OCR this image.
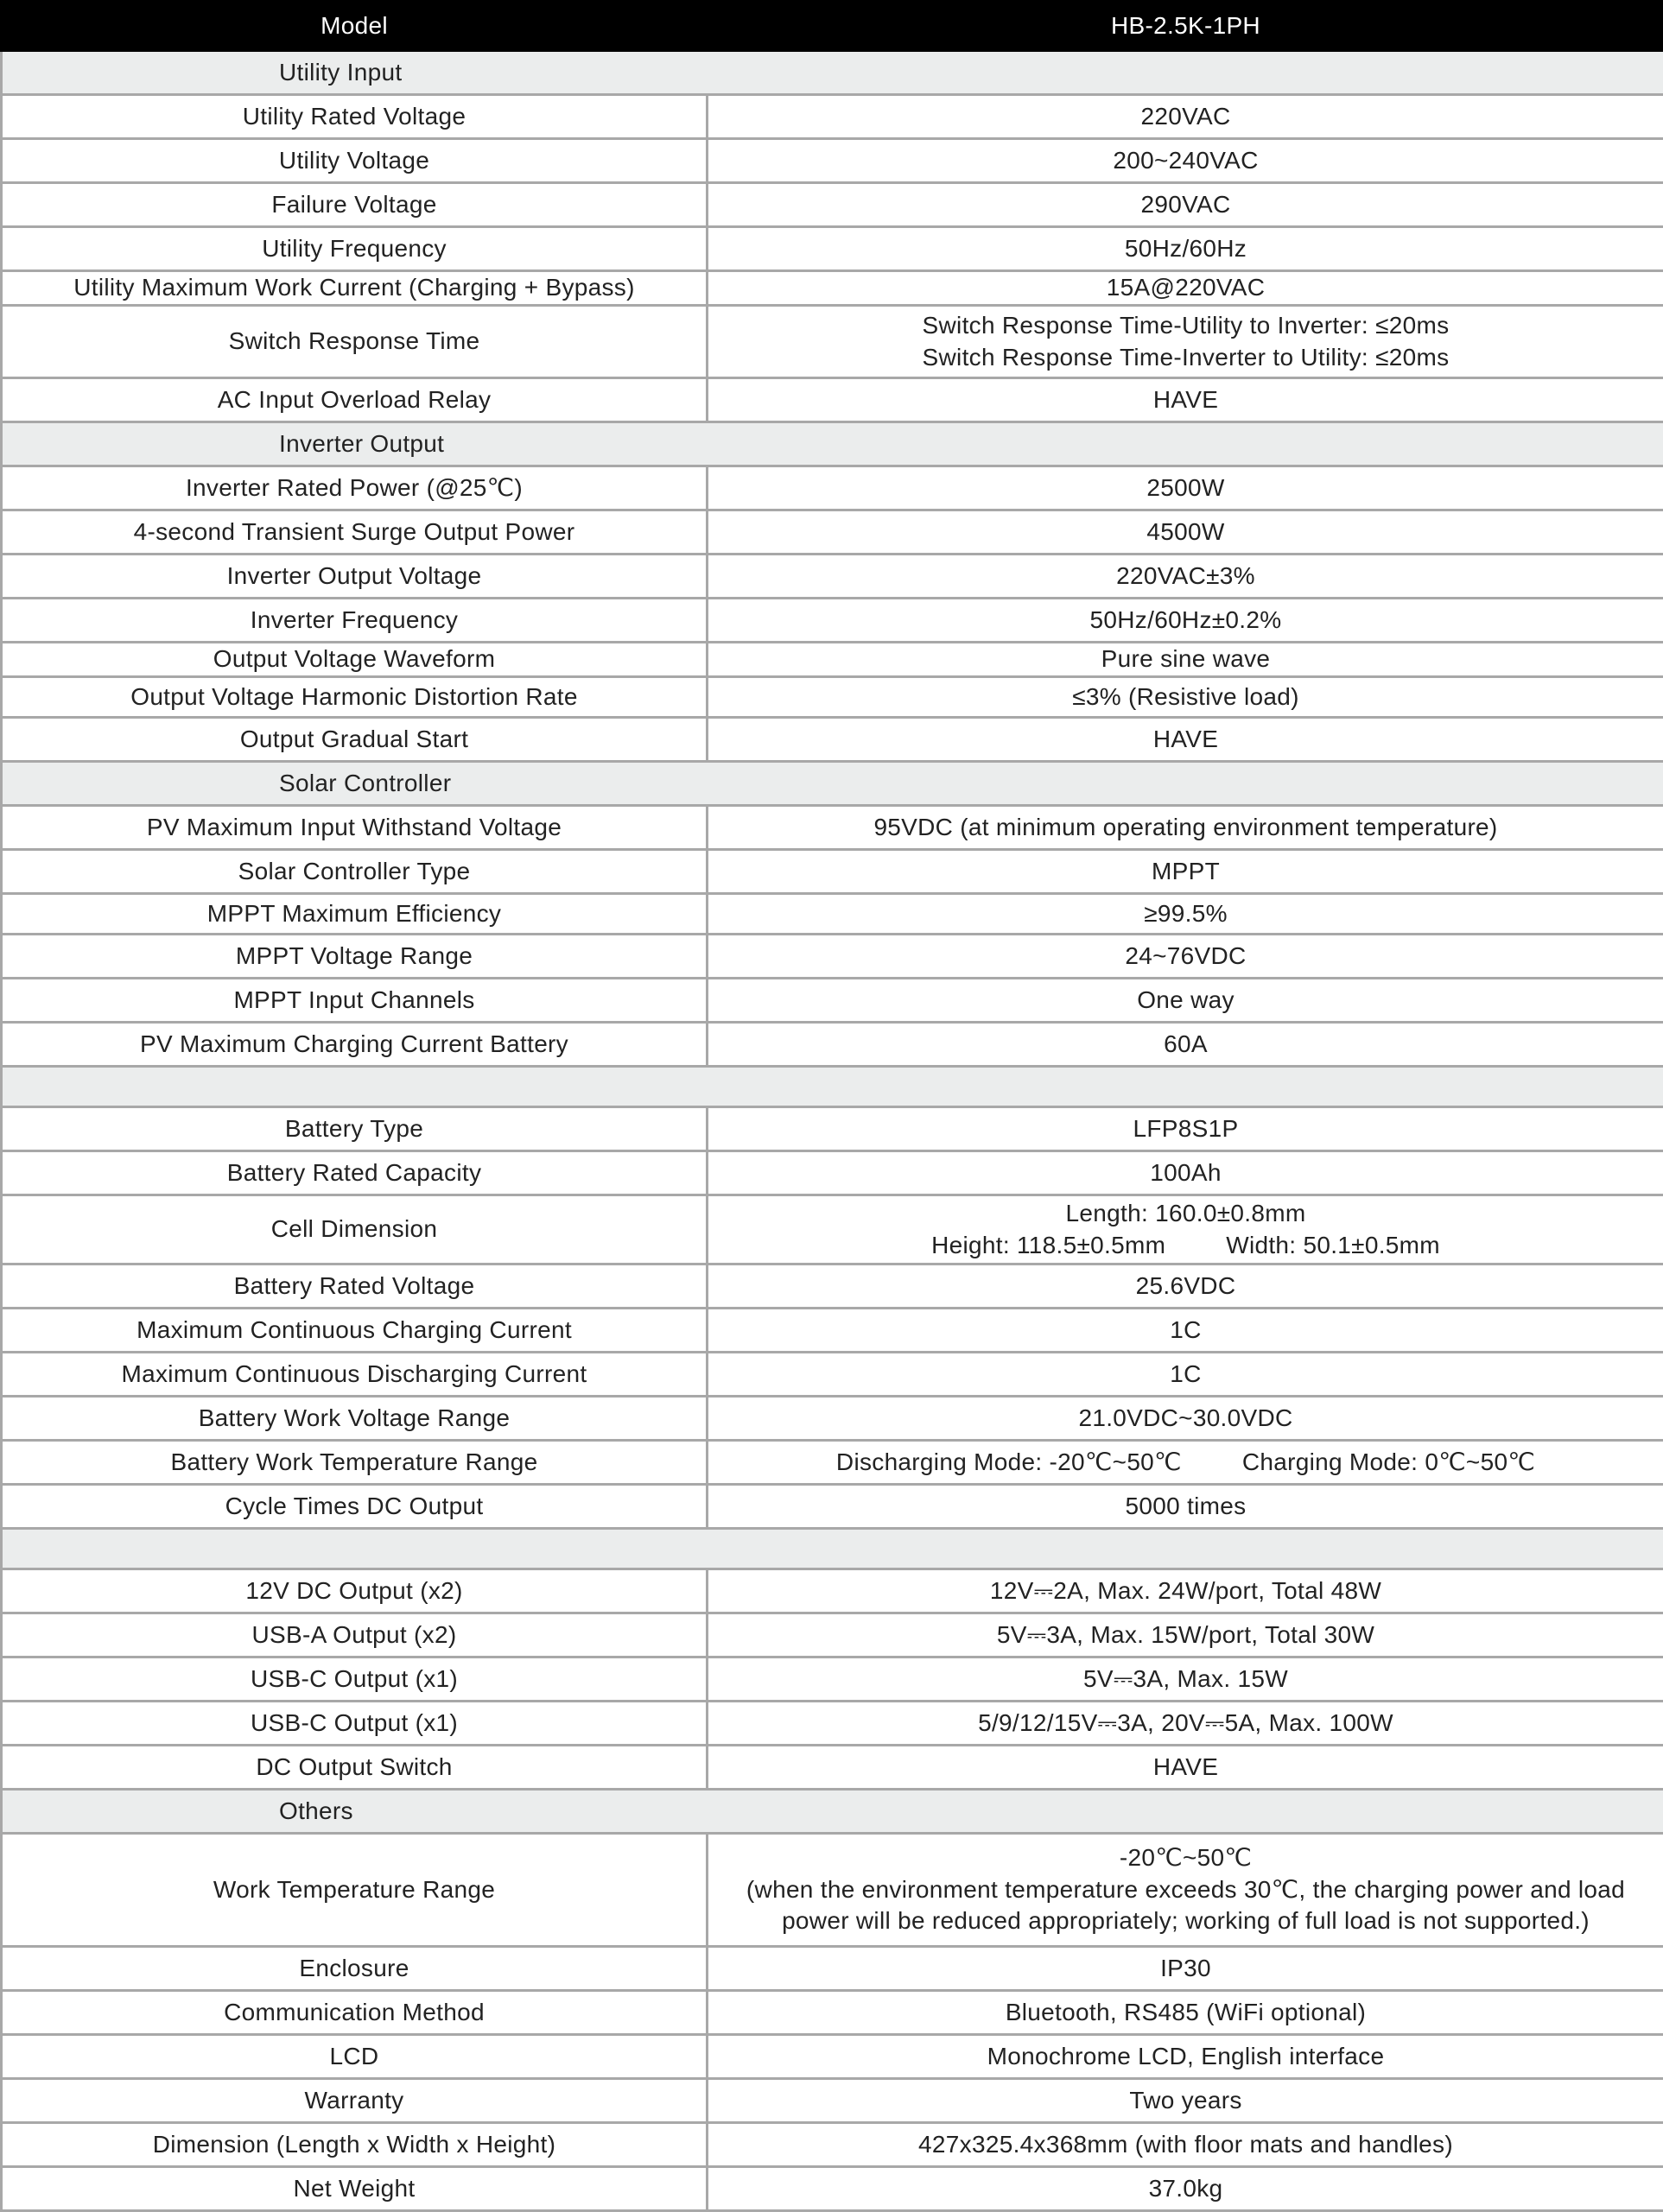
Model	HB-2.5K-1PH
Utility Input	
Utility Rated Voltage	220VAC
Utility Voltage	200~240VAC
Failure Voltage	290VAC
Utility Frequency	50Hz/60Hz
Utility Maximum Work Current (Charging + Bypass)	15A@220VAC
Switch Response Time	Switch Response Time-Utility to Inverter: ≤20ms
Switch Response Time-Inverter to Utility: ≤20ms

AC Input Overload Relay	HAVE
Inverter Output	
Inverter Rated Power (@25℃)	2500W
4-second Transient Surge Output Power	4500W
Inverter Output Voltage	220VAC±3%
Inverter Frequency	50Hz/60Hz±0.2%
Output Voltage Waveform	Pure sine wave
Output Voltage Harmonic Distortion Rate	≤3% (Resistive load)
Output Gradual Start	HAVE
Solar Controller	
PV Maximum Input Withstand Voltage	95VDC (at minimum operating environment temperature)
Solar Controller Type	MPPT
MPPT Maximum Efficiency	≥99.5%
MPPT Voltage Range	24~76VDC
MPPT Input Channels	One way
PV Maximum Charging Current Battery	60A

Battery Type	LFP8S1P
Battery Rated Capacity	100Ah
Cell Dimension	Length: 160.0±0.8mm
Height: 118.5±0.5mm Width: 50.1±0.5mm

Battery Rated Voltage	25.6VDC
Maximum Continuous Charging Current	1C
Maximum Continuous Discharging Current	1C
Battery Work Voltage Range	21.0VDC~30.0VDC
Battery Work Temperature Range	Discharging Mode: -20℃~50℃ Charging Mode: 0℃~50℃

Cycle Times DC Output	5000 times

12V DC Output (x2)	12V⎓2A, Max. 24W/port, Total 48W
USB-A Output (x2)	5V⎓3A, Max. 15W/port, Total 30W
USB-C Output (x1)	5V⎓3A, Max. 15W
USB-C Output (x1)	5/9/12/15V⎓3A, 20V⎓5A, Max. 100W
DC Output Switch	HAVE
Others	
Work Temperature Range	-20℃~50℃
(when the environment temperature exceeds 30℃, the charging power and load
power will be reduced appropriately; working of full load is not supported.)

Enclosure	IP30
Communication Method	Bluetooth, RS485 (WiFi optional)
LCD	Monochrome LCD, English interface
Warranty	Two years
Dimension (Length x Width x Height)	427x325.4x368mm (with floor mats and handles)
Net Weight	37.0kg
